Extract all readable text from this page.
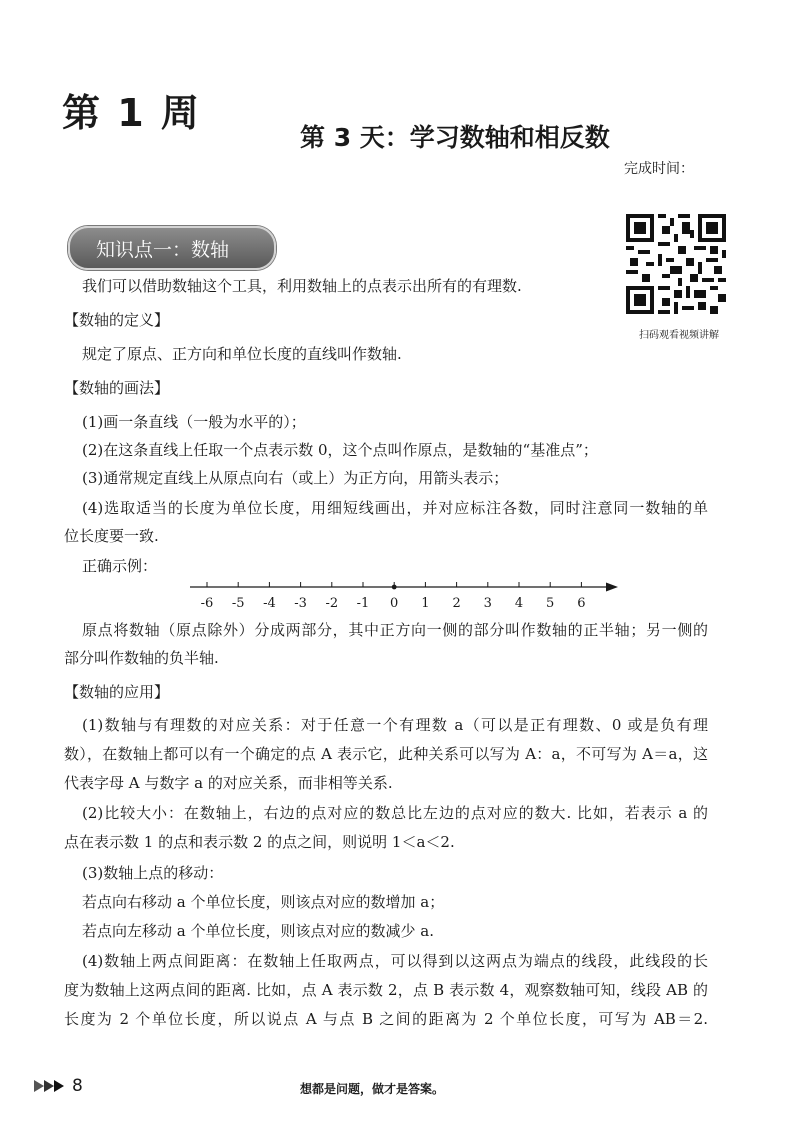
第 1 周
第 3 天：学习数轴和相反数
完成时间：
知识点一：数轴
扫码观看视频讲解
我们可以借助数轴这个工具，利用数轴上的点表示出所有的有理数.
【数轴的定义】
规定了原点、正方向和单位长度的直线叫作数轴.
【数轴的画法】
(1)画一条直线（一般为水平的）；
(2)在这条直线上任取一个点表示数 0，这个点叫作原点，是数轴的“基准点”；
(3)通常规定直线上从原点向右（或上）为正方向，用箭头表示；
(4)选取适当的长度为单位长度，用细短线画出，并对应标注各数，同时注意同一数轴的单
位长度要一致.
正确示例：
-6 -5 -4 -3 -2 -1 0 1 2 3 4 5 6
原点将数轴（原点除外）分成两部分，其中正方向一侧的部分叫作数轴的正半轴；另一侧的
部分叫作数轴的负半轴.
【数轴的应用】
(1)数轴与有理数的对应关系：对于任意一个有理数 a（可以是正有理数、0 或是负有理
数），在数轴上都可以有一个确定的点 A 表示它，此种关系可以写为 A：a，不可写为 A＝a，这
代表字母 A 与数字 a 的对应关系，而非相等关系.
(2)比较大小：在数轴上，右边的点对应的数总比左边的点对应的数大. 比如，若表示 a 的
点在表示数 1 的点和表示数 2 的点之间，则说明 1＜a＜2.
(3)数轴上点的移动：
若点向右移动 a 个单位长度，则该点对应的数增加 a；
若点向左移动 a 个单位长度，则该点对应的数减少 a.
(4)数轴上两点间距离：在数轴上任取两点，可以得到以这两点为端点的线段，此线段的长
度为数轴上这两点间的距离. 比如，点 A 表示数 2，点 B 表示数 4，观察数轴可知，线段 AB 的
长度为 2 个单位长度，所以说点 A 与点 B 之间的距离为 2 个单位长度，可写为 AB＝2.
8	想都是问题，做才是答案。
